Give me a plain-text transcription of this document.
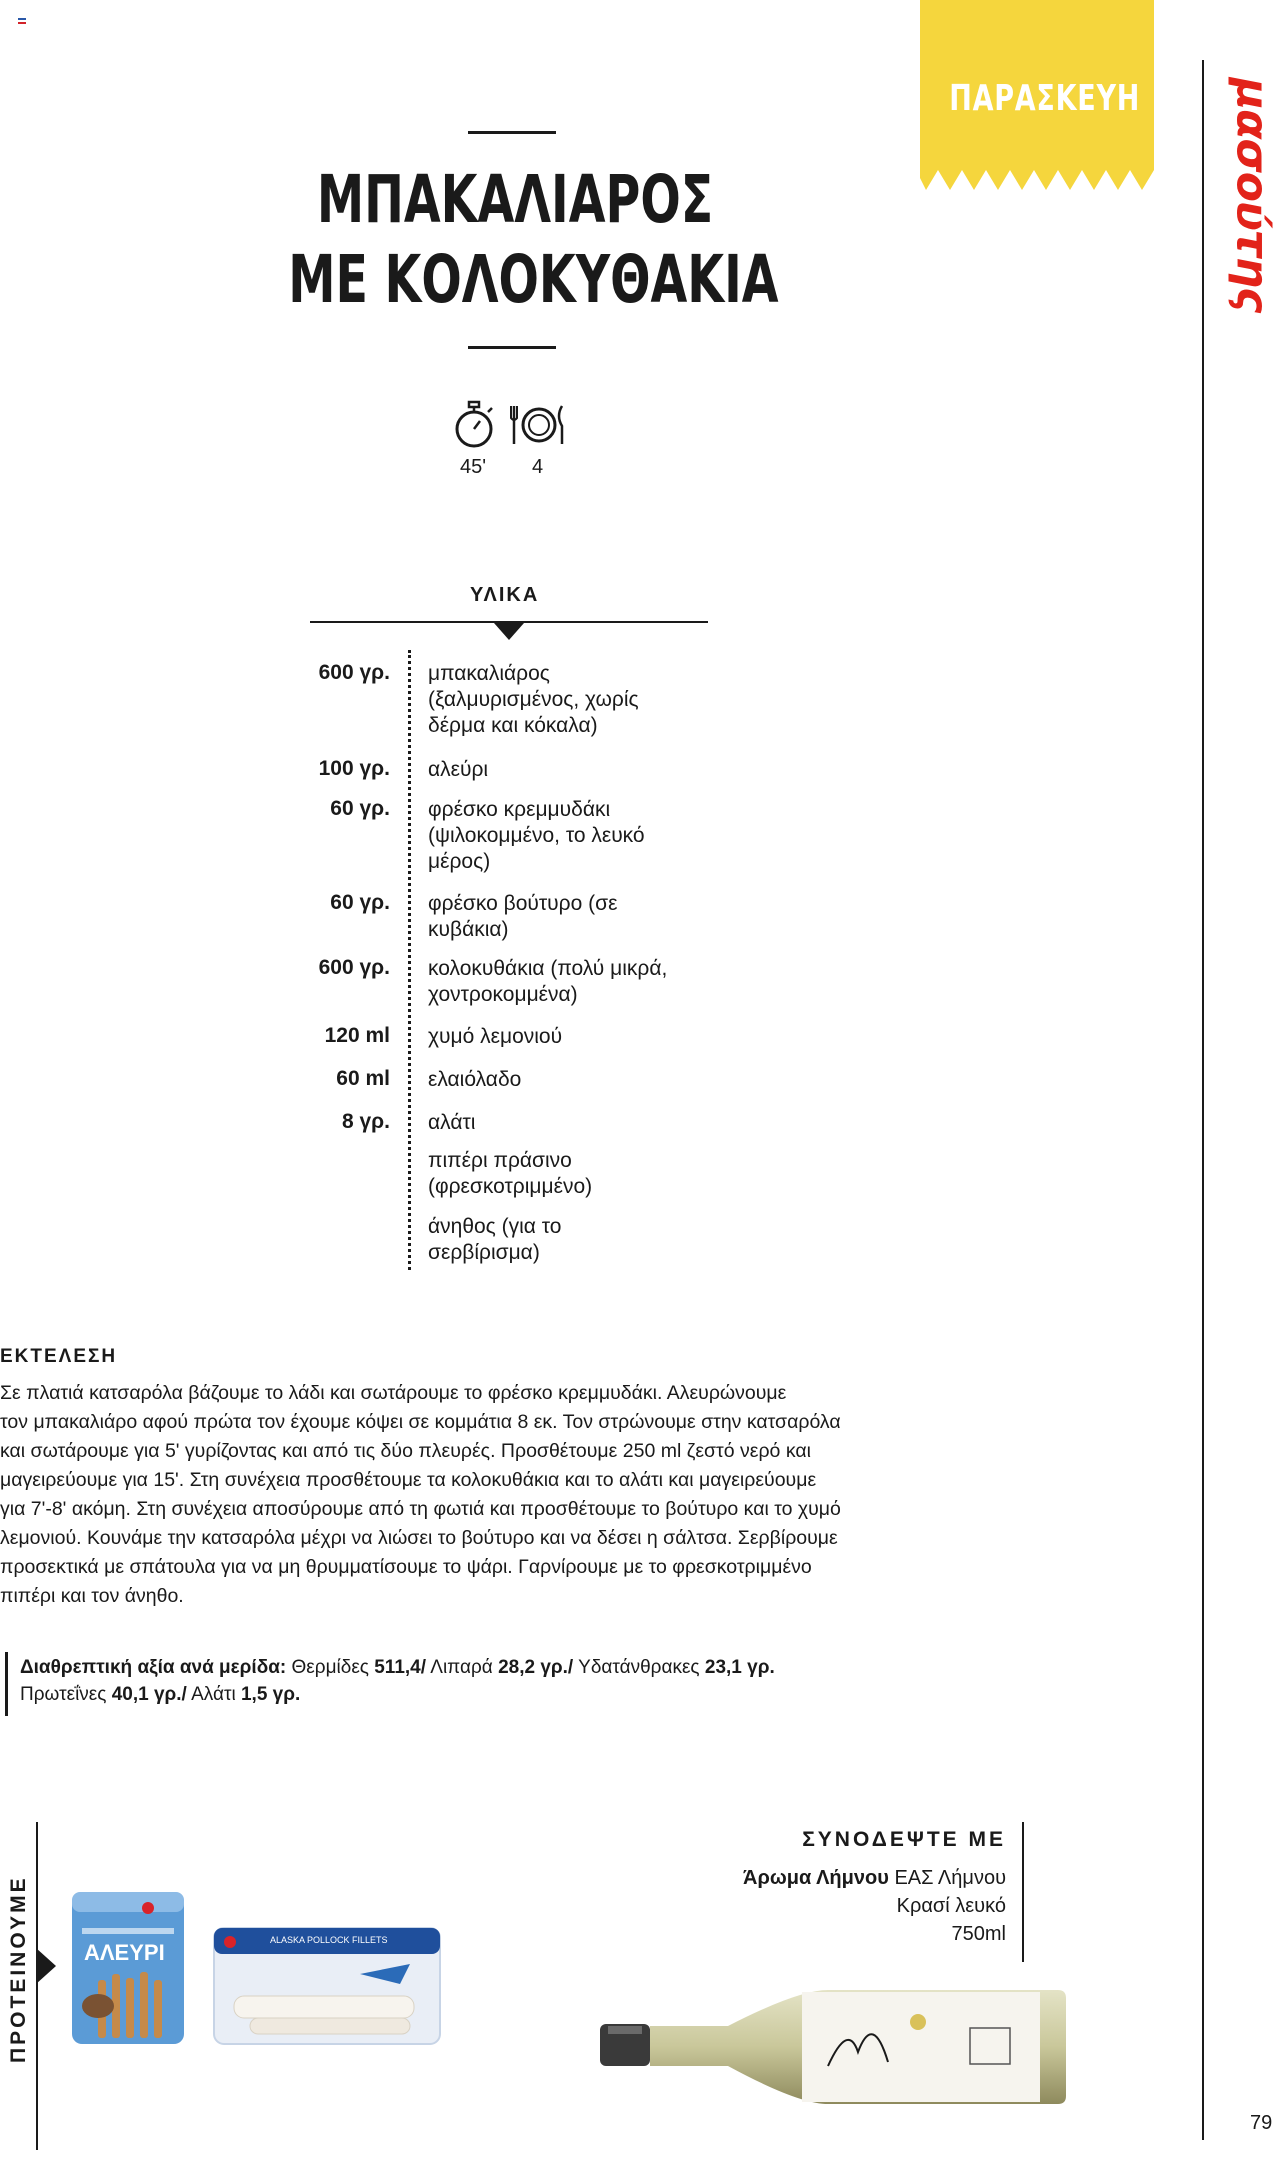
ΠΑΡΑΣΚΕΥΗ μασούτης
ΜΠΑΚΑΛΙΑΡΟΣ
ΜΕ ΚΟΛΟΚΥΘΑΚΙΑ
45' 4
ΥΛΙΚΑ
600 γρ. μπακαλιάρος (ξαλμυρισμένος, χωρίς δέρμα και κόκαλα)
100 γρ. αλεύρι
60 γρ. φρέσκο κρεμμυδάκι (ψιλοκομμένο, το λευκό μέρος)
60 γρ. φρέσκο βούτυρο (σε κυβάκια)
600 γρ. κολοκυθάκια (πολύ μικρά, χοντροκομμένα)
120 ml χυμό λεμονιού
60 ml ελαιόλαδο
8 γρ. αλάτι
πιπέρι πράσινο (φρεσκοτριμμένο)
άνηθος (για το σερβίρισμα)
ΕΚΤΕΛΕΣΗ
Σε πλατιά κατσαρόλα βάζουμε το λάδι και σωτάρουμε το φρέσκο κρεμμυδάκι. Αλευρώνουμε
τον μπακαλιάρο αφού πρώτα τον έχουμε κόψει σε κομμάτια 8 εκ. Τον στρώνουμε στην κατσαρόλα
και σωτάρουμε για 5' γυρίζοντας και από τις δύο πλευρές. Προσθέτουμε 250 ml ζεστό νερό και
μαγειρεύουμε για 15'. Στη συνέχεια προσθέτουμε τα κολοκυθάκια και το αλάτι και μαγειρεύουμε
για 7'-8' ακόμη. Στη συνέχεια αποσύρουμε από τη φωτιά και προσθέτουμε το βούτυρο και το χυμό
λεμονιού. Κουνάμε την κατσαρόλα μέχρι να λιώσει το βούτυρο και να δέσει η σάλτσα. Σερβίρουμε
προσεκτικά με σπάτουλα για να μη θρυμματίσουμε το ψάρι. Γαρνίρουμε με το φρεσκοτριμμένο
πιπέρι και τον άνηθο.
Διαθρεπτική αξία ανά μερίδα: Θερμίδες 511,4/ Λιπαρά 28,2 γρ./ Υδατάνθρακες 23,1 γρ.
Πρωτεΐνες 40,1 γρ./ Αλάτι 1,5 γρ.
ΠΡΟΤΕΙΝΟΥΜΕ ΑΛΕΥΡΙ	ALASKA POLLOCK FILLETS
ΣΥΝΟΔΕΨΤΕ ΜΕ
Άρωμα Λήμνου ΕΑΣ Λήμνου
Κρασί λευκό
750ml
79
